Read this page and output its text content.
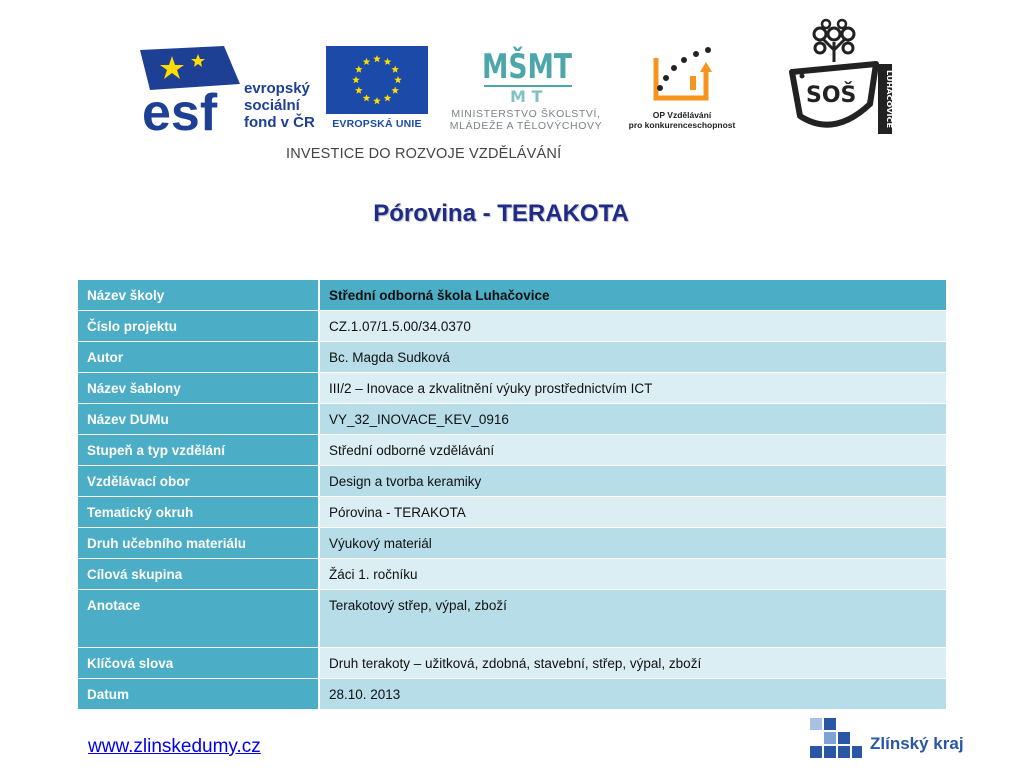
esf evropský
sociální
fond v ČR	EVROPSKÁ UNIE
MŠMT
M T
MINISTERSTVO ŠKOLSTVÍ,
MLÁDEŽE A TĚLOVÝCHOVY
OP Vzdělávání
pro konkurenceschopnost
SOŠ	LUHAČOVICE
INVESTICE DO ROZVOJE VZDĚLÁVÁNÍ
Pórovina - TERAKOTA
Název školy	Střední odborná škola Luhačovice
Číslo projektu	CZ.1.07/1.5.00/34.0370
Autor	Bc. Magda Sudková
Název šablony	III/2 – Inovace a zkvalitnění výuky prostřednictvím ICT
Název DUMu	VY_32_INOVACE_KEV_0916
Stupeň a typ vzdělání	Střední odborné vzdělávání
Vzdělávací obor	Design a tvorba keramiky
Tematický okruh	Pórovina - TERAKOTA
Druh učebního materiálu	Výukový materiál
Cílová skupina	Žáci 1. ročníku
Anotace	Terakotový střep, výpal, zboží
Klíčová slova	Druh terakoty – užitková, zdobná, stavební, střep, výpal, zboží
Datum	28.10. 2013
www.zlinskedumy.cz	Zlínský kraj
